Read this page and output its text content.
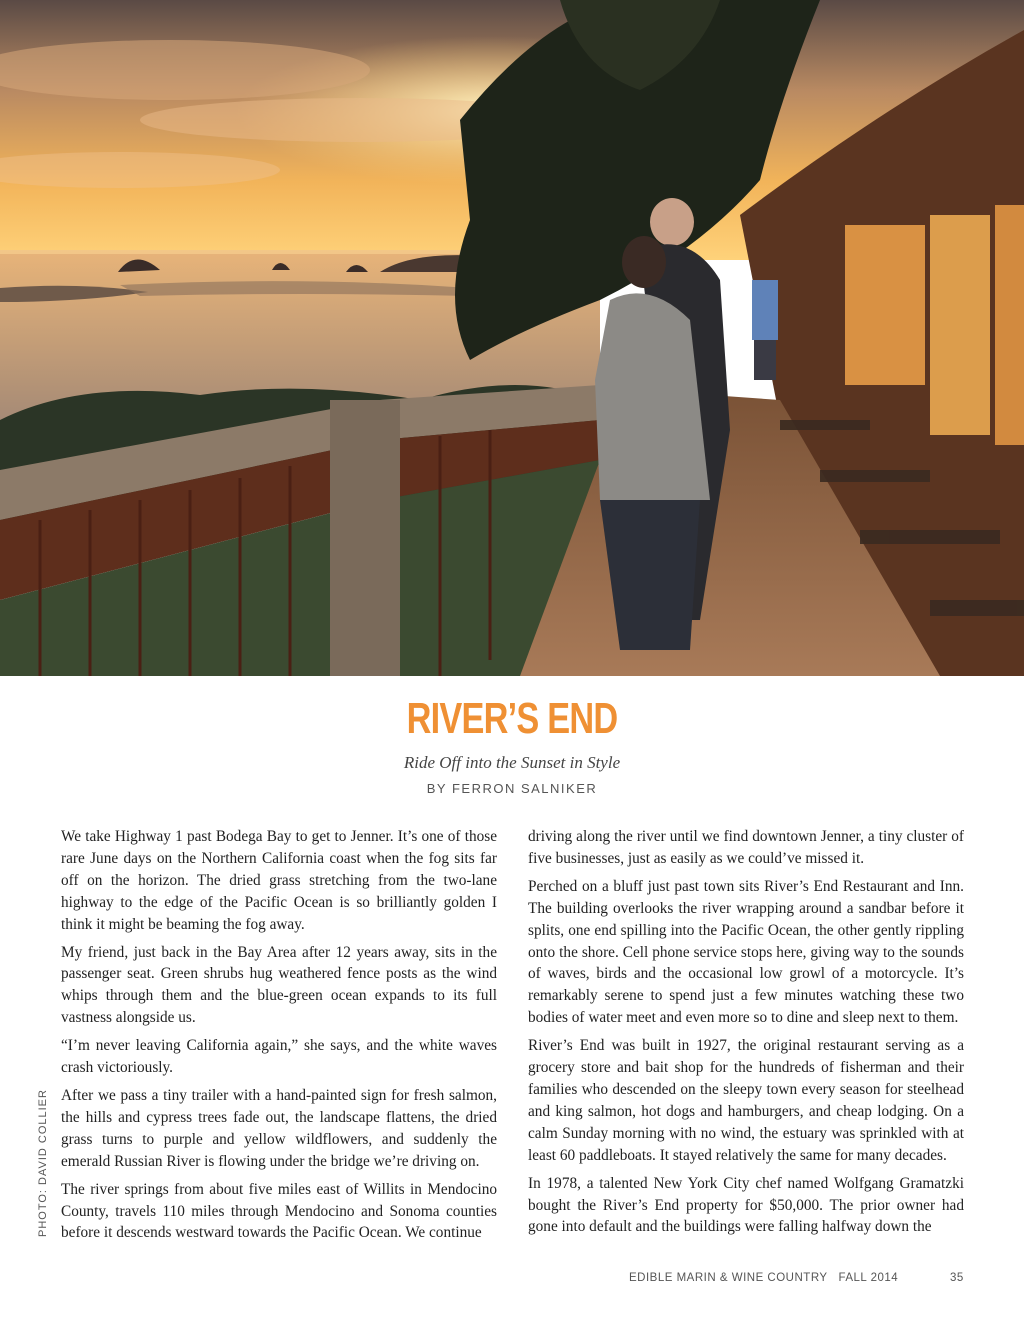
RIVER’S END
Ride Off into the Sunset in Style
BY FERRON SALNIKER

We take Highway 1 past Bodega Bay to get to Jenner. It’s one of those rare June days on the Northern California coast when the fog sits far off on the horizon. The dried grass stretching from the two-lane highway to the edge of the Pacific Ocean is so brilliantly golden I think it might be beaming the fog away.

My friend, just back in the Bay Area after 12 years away, sits in the passenger seat. Green shrubs hug weathered fence posts as the wind whips through them and the blue-green ocean expands to its full vastness alongside us.

“I’m never leaving California again,” she says, and the white waves crash victoriously.

After we pass a tiny trailer with a hand-painted sign for fresh salmon, the hills and cypress trees fade out, the landscape flattens, the dried grass turns to purple and yellow wildflowers, and suddenly the emerald Russian River is flowing under the bridge we’re driving on.

The river springs from about five miles east of Willits in Mendocino County, travels 110 miles through Mendocino and Sonoma counties before it descends westward towards the Pacific Ocean. We continue

driving along the river until we find downtown Jenner, a tiny cluster of five businesses, just as easily as we could’ve missed it.

Perched on a bluff just past town sits River’s End Restaurant and Inn. The building overlooks the river wrapping around a sandbar before it splits, one end spilling into the Pacific Ocean, the other gently rippling onto the shore. Cell phone service stops here, giving way to the sounds of waves, birds and the occasional low growl of a motorcycle. It’s remarkably serene to spend just a few minutes watching these two bodies of water meet and even more so to dine and sleep next to them.

River’s End was built in 1927, the original restaurant serving as a grocery store and bait shop for the hundreds of fisherman and their families who descended on the sleepy town every season for steelhead and king salmon, hot dogs and hamburgers, and cheap lodging. On a calm Sunday morning with no wind, the estuary was sprinkled with at least 60 paddleboats. It stayed relatively the same for many decades.

In 1978, a talented New York City chef named Wolfgang Gramatzki bought the River’s End property for $50,000. The prior owner had gone into default and the buildings were falling halfway down the

PHOTO: DAVID COLLIER
EDIBLE MARIN & WINE COUNTRY   FALL 2014	35
